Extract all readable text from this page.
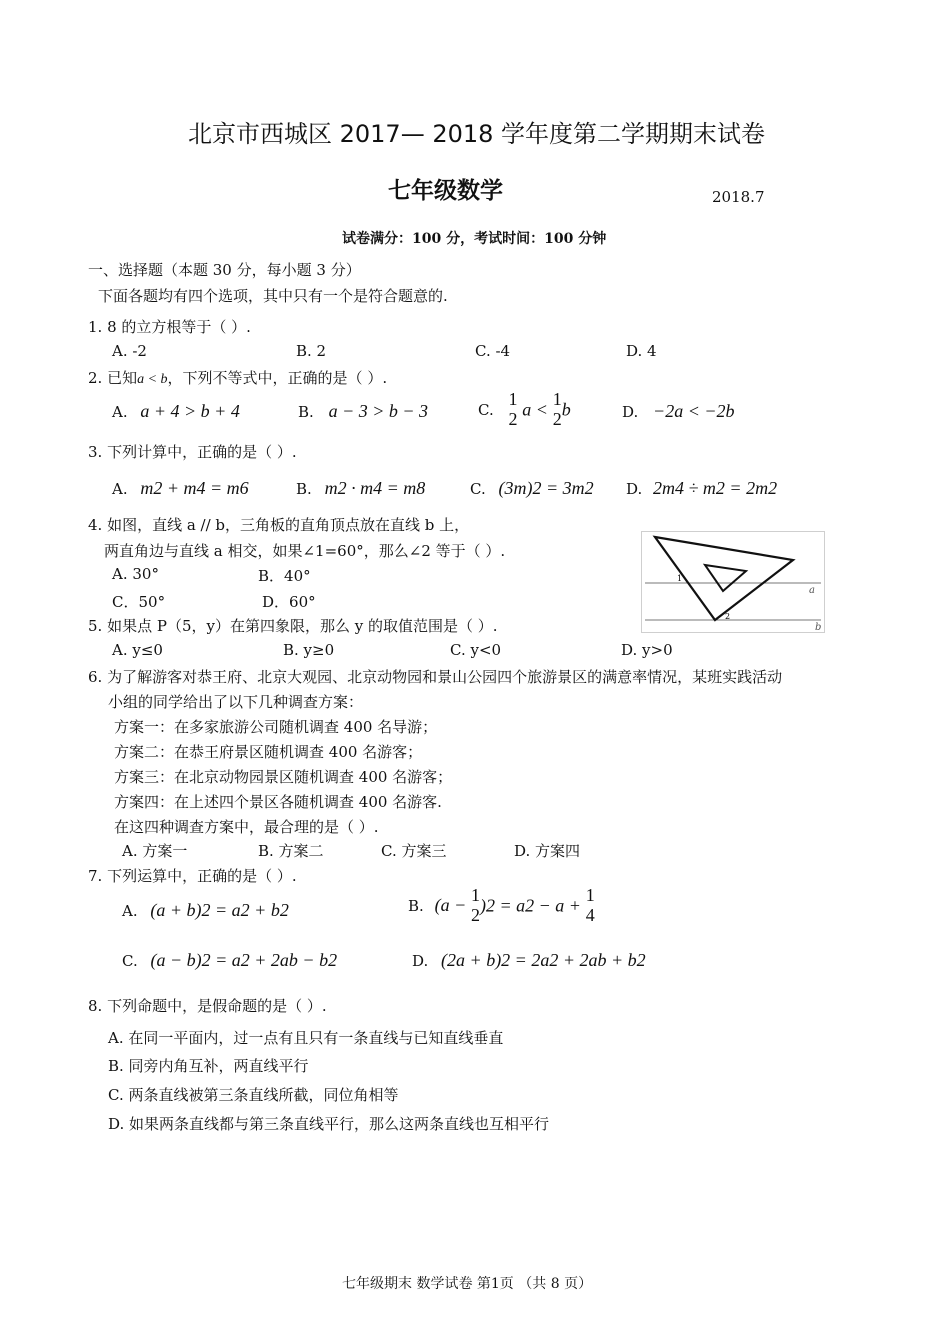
北京市西城区 2017— 2018 学年度第二学期期末试卷
七年级数学	2018.7
试卷满分：100 分，考试时间：100 分钟
一、选择题（本题 30 分，每小题 3 分）
下面各题均有四个选项，其中只有一个是符合题意的.
1. 8 的立方根等于（ ）.
A. -2	B. 2	C. -4	D. 4
2. 已知a < b，下列不等式中，正确的是（ ）.
A. a + 4 > b + 4	B. a − 3 > b − 3	C.
1
2 a <
1
2 b	D. −2a < −2b
3. 下列计算中，正确的是（ ）.
A. m2 + m4 = m6	B. m2 · m4 = m8	C. (3m)2 = 3m2 D. 2m4 ÷ m2 = 2m2
4. 如图，直线 a // b，三角板的直角顶点放在直线 b 上，
两直角边与直线 a 相交，如果∠1=60°，那么∠2 等于（ ）.
A. 30°	B．40°
C．50°	D．60°
1
2
a
b
5. 如果点 P（5，y）在第四象限，那么 y 的取值范围是（ ）.
A. y≤0	B. y≥0	C. y<0	D. y>0
6. 为了解游客对恭王府、北京大观园、北京动物园和景山公园四个旅游景区的满意率情况，某班实践活动
小组的同学给出了以下几种调查方案：
方案一：在多家旅游公司随机调查 400 名导游；
方案二：在恭王府景区随机调查 400 名游客；
方案三：在北京动物园景区随机调查 400 名游客；
方案四：在上述四个景区各随机调查 400 名游客.
在这四种调查方案中，最合理的是（ ）.
A. 方案一	B. 方案二	C. 方案三	D. 方案四
7. 下列运算中，正确的是（ ）.
A. (a + b)2 = a2 + b2	B. (a −
1
2 )2 = a2 − a +
1
4
C. (a − b)2 = a2 + 2ab − b2	D. (2a + b)2 = 2a2 + 2ab + b2
8. 下列命题中，是假命题的是（ ）.
A. 在同一平面内，过一点有且只有一条直线与已知直线垂直
B. 同旁内角互补，两直线平行
C. 两条直线被第三条直线所截，同位角相等
D. 如果两条直线都与第三条直线平行，那么这两条直线也互相平行
七年级期末 数学试卷 第1页 （共 8 页）
